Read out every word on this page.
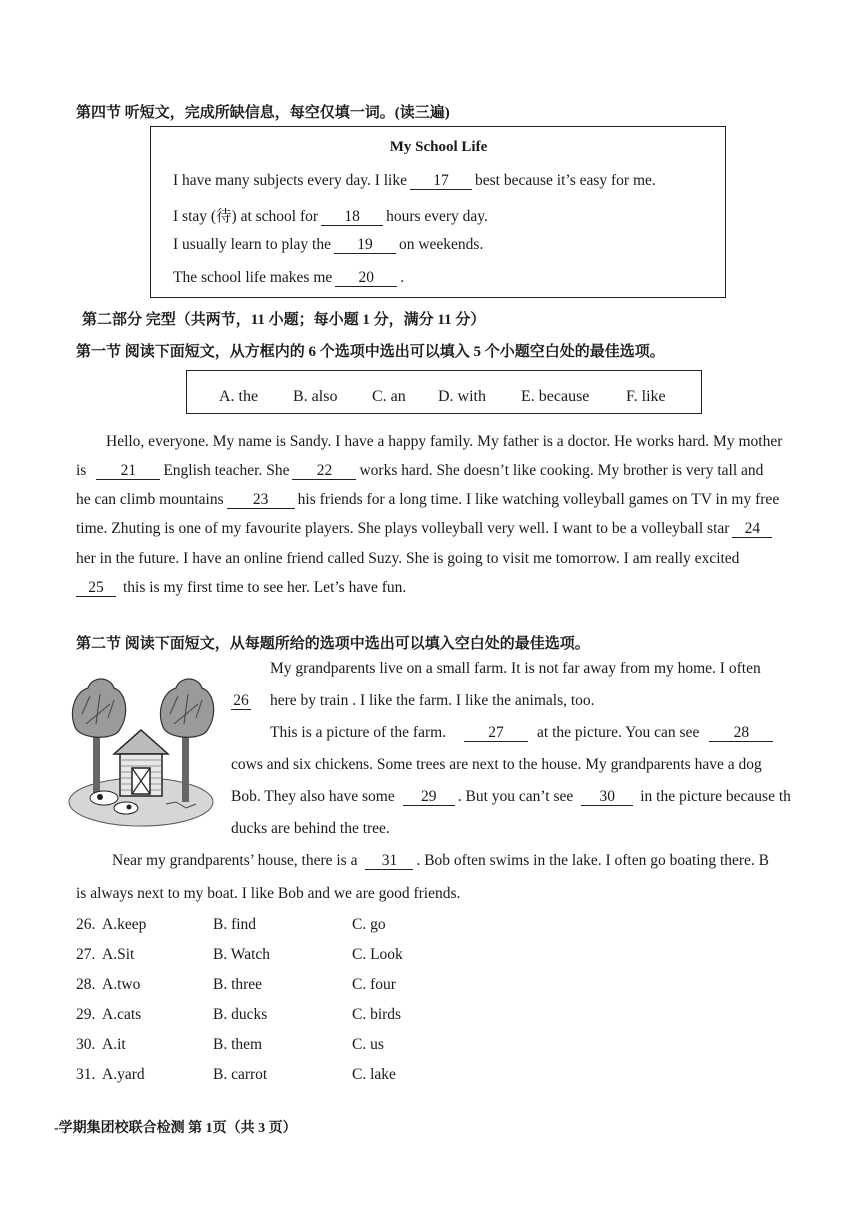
第四节 听短文，完成所缺信息，每空仅填一词。(读三遍)
My School Life
I have many subjects every day. I like 17 best because it’s easy for me.
I stay (待) at school for 18 hours every day.
I usually learn to play the 19 on weekends.
The school life makes me 20 .
第二部分 完型（共两节，11 小题；每小题 1 分，满分 11 分）
第一节 阅读下面短文，从方框内的 6 个选项中选出可以填入 5 个小题空白处的最佳选项。
A. the B. also C. an D. with E. because F. like
Hello, everyone. My name is Sandy. I have a happy family. My father is a doctor. He works hard. My mother
is 21 English teacher. She 22 works hard. She doesn’t like cooking. My brother is very tall and
he can climb mountains 23 his friends for a long time. I like watching volleyball games on TV in my free
time. Zhuting is one of my favourite players. She plays volleyball very well. I want to be a volleyball star 24
her in the future. I have an online friend called Suzy. She is going to visit me tomorrow. I am really excited
25 this is my first time to see her. Let’s have fun.
第二节 阅读下面短文，从每题所给的选项中选出可以填入空白处的最佳选项。
My grandparents live on a small farm. It is not far away from my home. I often
26 here by train . I like the farm. I like the animals, too.
This is a picture of the farm.	27 at the picture. You can see 28
cows and six chickens. Some trees are next to the house. My grandparents have a dog
Bob. They also have some 29 . But you can’t see 30 in the picture because th
ducks are behind the tree.
Near my grandparents’ house, there is a 31 . Bob often swims in the lake. I often go boating there. B
is always next to my boat. I like Bob and we are good friends.
26. A.keep	B. find	C. go
27. A.Sit	B. Watch	C. Look
28. A.two	B. three	C. four
29. A.cats	B. ducks	C. birds
30. A.it	B. them	C. us
31. A.yard	B. carrot	C. lake
-学期集团校联合检测 第 1页（共 3 页）
